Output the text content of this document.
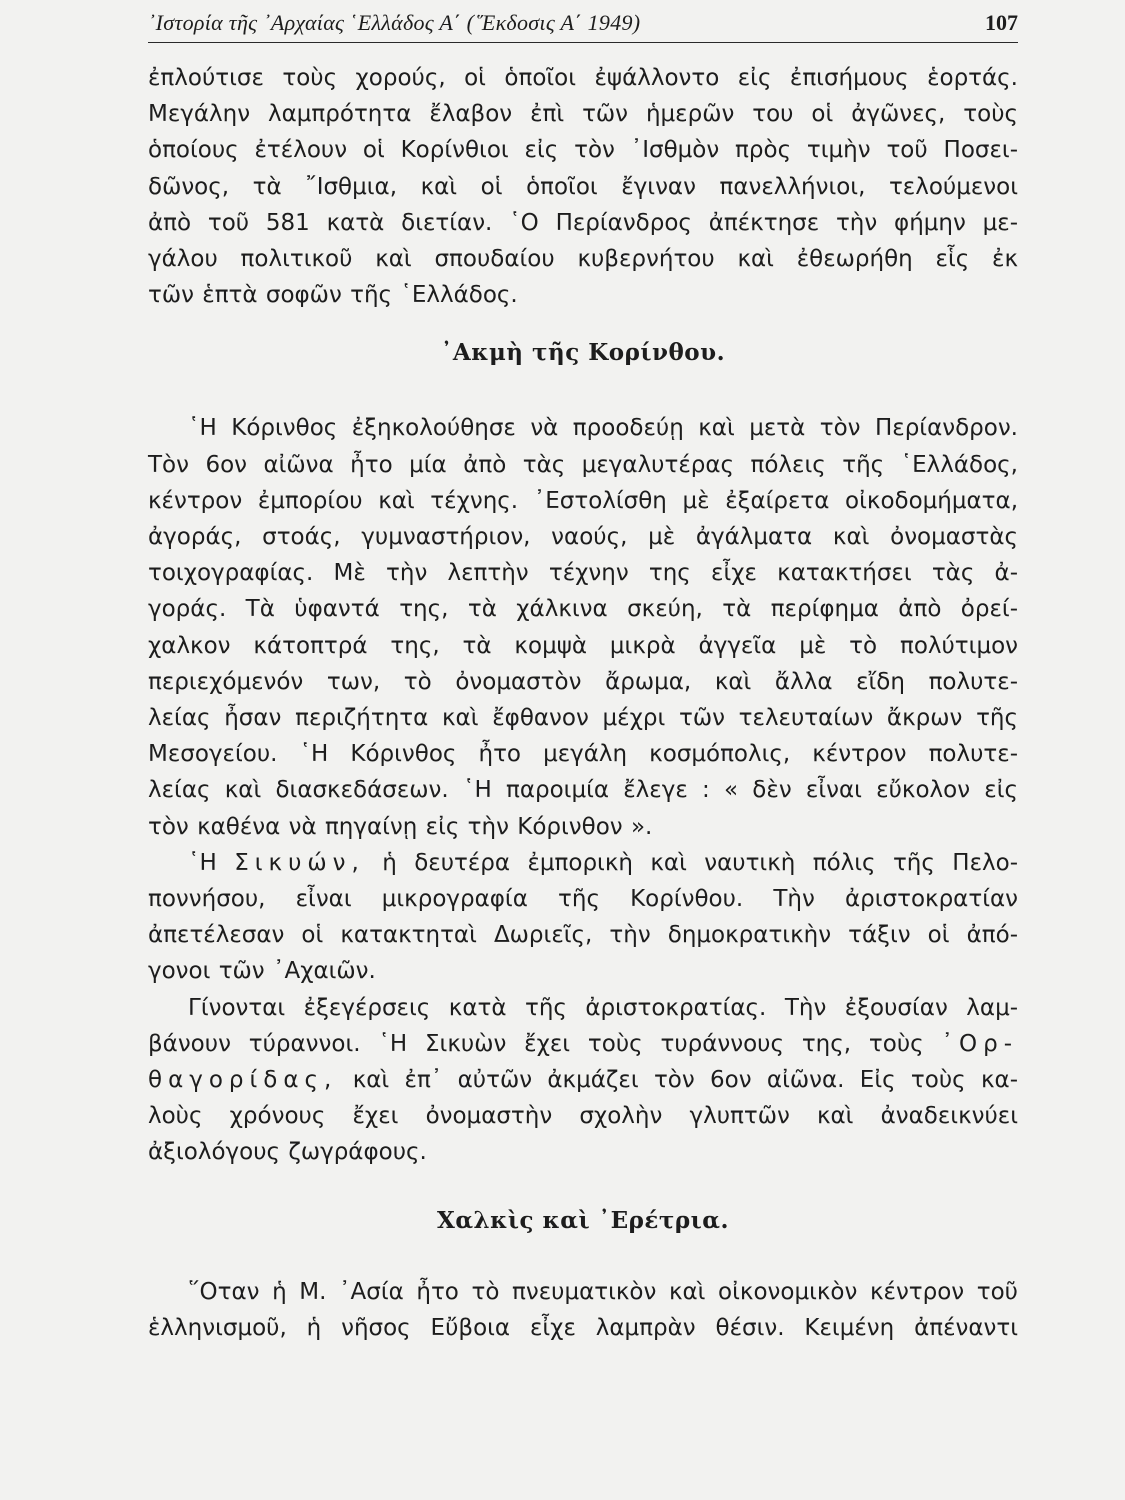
᾿Ιστορία τῆς ᾿Αρχαίας ῾Ελλάδος Α΄ (῞Εκδοσις Α΄ 1949)	107

ἐπλούτισε τοὺς χορούς, οἱ ὁποῖοι ἐψάλλοντο εἰς ἐπισήμους ἑορτάς.
Μεγάλην λαμπρότητα ἔλαβον ἐπὶ τῶν ἡμερῶν του οἱ ἀγῶνες, τοὺς
ὁποίους ἐτέλουν οἱ Κορίνθιοι εἰς τὸν ᾿Ισθμὸν πρὸς τιμὴν τοῦ Ποσει-
δῶνος, τὰ ῎Ισθμια, καὶ οἱ ὁποῖοι ἔγιναν πανελλήνιοι, τελούμενοι
ἀπὸ τοῦ 581 κατὰ διετίαν. ῾Ο Περίανδρος ἀπέκτησε τὴν φήμην με-
γάλου πολιτικοῦ καὶ σπουδαίου κυβερνήτου καὶ ἐθεωρήθη εἷς ἐκ
τῶν ἑπτὰ σοφῶν τῆς ῾Ελλάδος.

᾿Ακμὴ τῆς Κορίνθου.

῾Η Κόρινθος ἐξηκολούθησε νὰ προοδεύῃ καὶ μετὰ τὸν Περίανδρον.
Τὸν 6ον αἰῶνα ἦτο μία ἀπὸ τὰς μεγαλυτέρας πόλεις τῆς ῾Ελλάδος,
κέντρον ἐμπορίου καὶ τέχνης. ᾿Εστολίσθη μὲ ἐξαίρετα οἰκοδομήματα,
ἀγοράς, στοάς, γυμναστήριον, ναούς, μὲ ἀγάλματα καὶ ὀνομαστὰς
τοιχογραφίας. Μὲ τὴν λεπτὴν τέχνην της εἶχε κατακτήσει τὰς ἀ-
γοράς. Τὰ ὑφαντά της, τὰ χάλκινα σκεύη, τὰ περίφημα ἀπὸ ὀρεί-
χαλκον κάτοπτρά της, τὰ κομψὰ μικρὰ ἀγγεῖα μὲ τὸ πολύτιμον
περιεχόμενόν των, τὸ ὀνομαστὸν ἄρωμα, καὶ ἄλλα εἴδη πολυτε-
λείας ἦσαν περιζήτητα καὶ ἔφθανον μέχρι τῶν τελευταίων ἄκρων τῆς
Μεσογείου. ῾Η Κόρινθος ἦτο μεγάλη κοσμόπολις, κέντρον πολυτε-
λείας καὶ διασκεδάσεων. ῾Η παροιμία ἔλεγε : « δὲν εἶναι εὔκολον εἰς
τὸν καθένα νὰ πηγαίνῃ εἰς τὴν Κόρινθον ».

῾Η Σικυών, ἡ δευτέρα ἐμπορικὴ καὶ ναυτικὴ πόλις τῆς Πελο-
ποννήσου, εἶναι μικρογραφία τῆς Κορίνθου. Τὴν ἀριστοκρατίαν
ἀπετέλεσαν οἱ κατακτηταὶ Δωριεῖς, τὴν δημοκρατικὴν τάξιν οἱ ἀπό-
γονοι τῶν ᾿Αχαιῶν.

Γίνονται ἐξεγέρσεις κατὰ τῆς ἀριστοκρατίας. Τὴν ἐξουσίαν λαμ-
βάνουν τύραννοι. ῾Η Σικυὼν ἔχει τοὺς τυράννους της, τοὺς ᾿Ορ-
θαγορίδας, καὶ ἐπ᾿ αὐτῶν ἀκμάζει τὸν 6ον αἰῶνα. Εἰς τοὺς κα-
λοὺς χρόνους ἔχει ὀνομαστὴν σχολὴν γλυπτῶν καὶ ἀναδεικνύει
ἀξιολόγους ζωγράφους.

Χαλκὶς καὶ ᾿Ερέτρια.

῞Οταν ἡ Μ. ᾿Ασία ἦτο τὸ πνευματικὸν καὶ οἰκονομικὸν κέντρον τοῦ
ἑλληνισμοῦ, ἡ νῆσος Εὔβοια εἶχε λαμπρὰν θέσιν. Κειμένη ἀπέναντι
